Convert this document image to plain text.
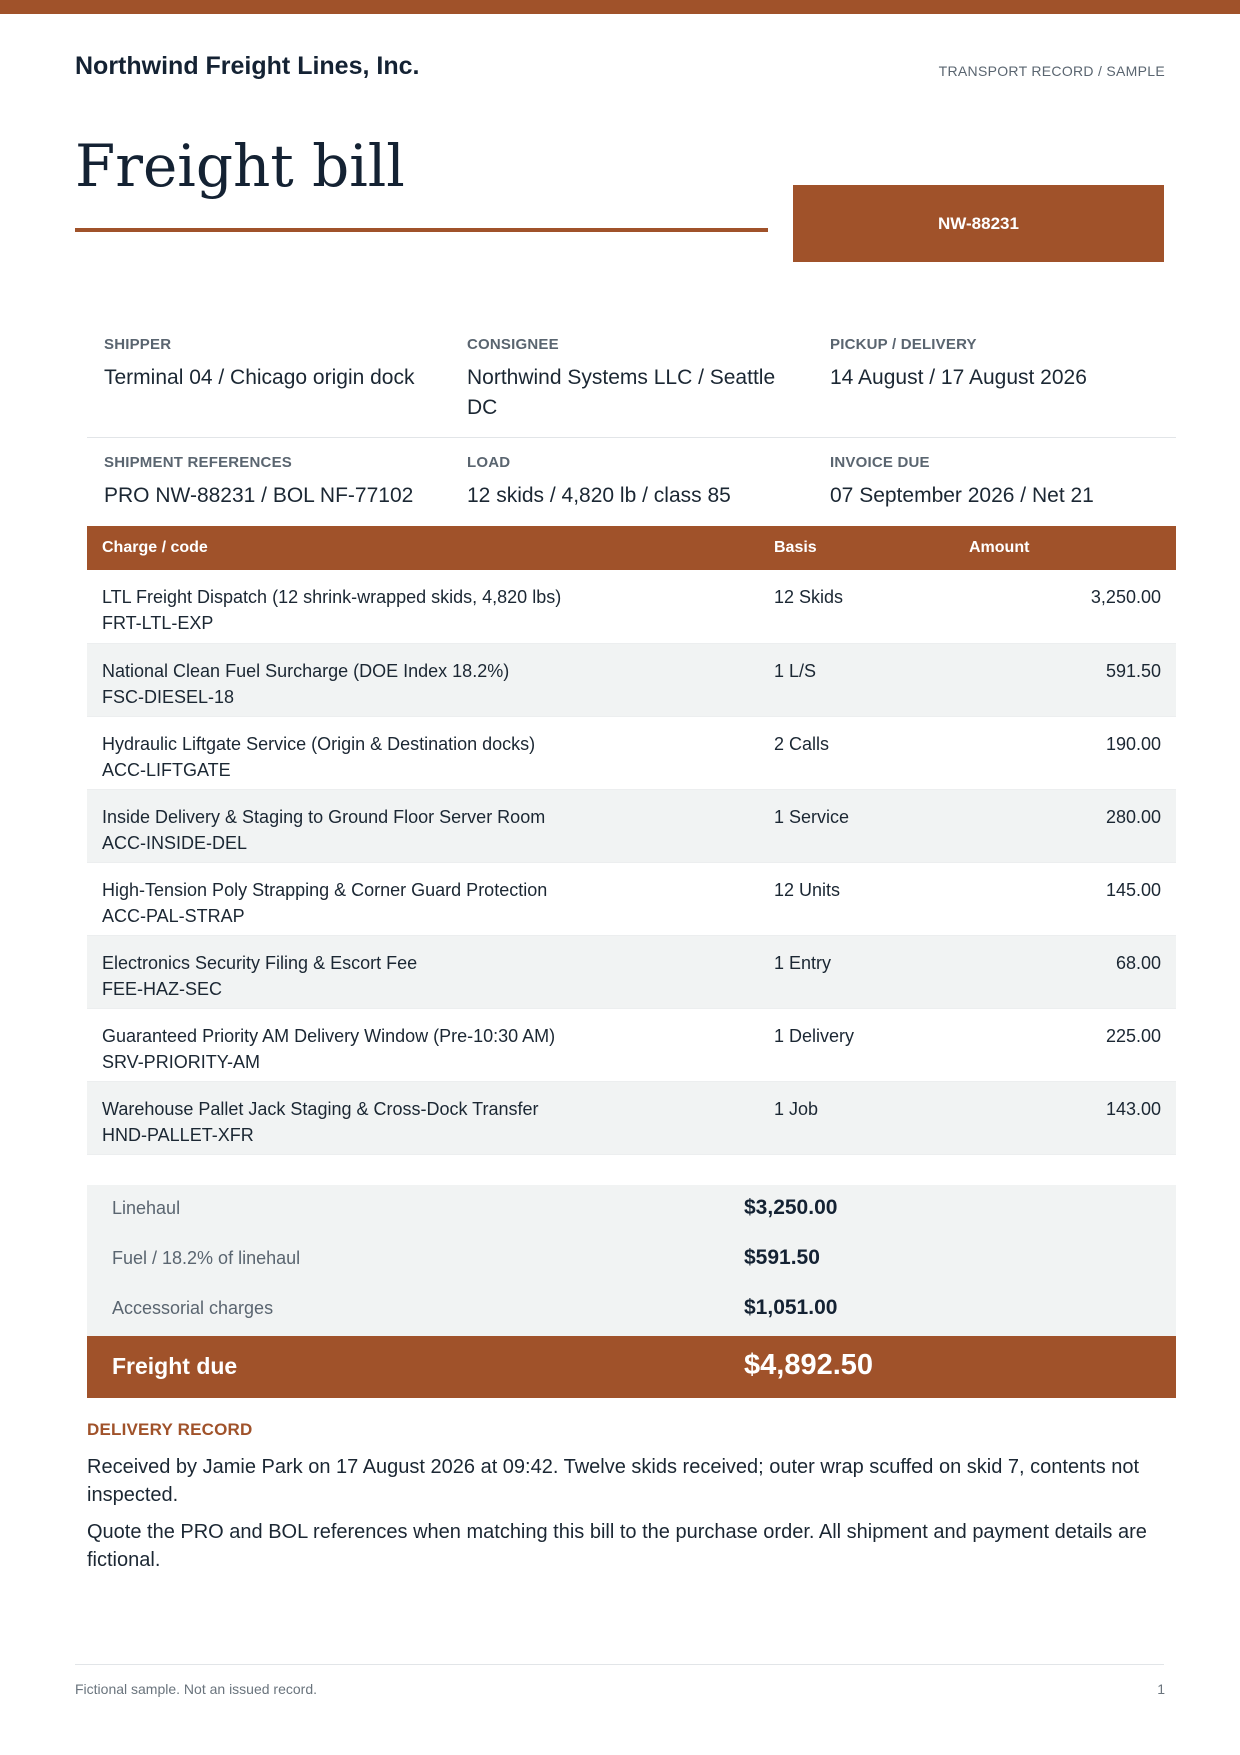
Northwind Freight Lines, Inc.	TRANSPORT RECORD / SAMPLE
Freight bill
NW-88231
SHIPPER
Terminal 04 / Chicago origin dock
CONSIGNEE
Northwind Systems LLC / Seattle DC
PICKUP / DELIVERY
14 August / 17 August 2026
SHIPMENT REFERENCES
PRO NW-88231 / BOL NF-77102
LOAD
12 skids / 4,820 lb / class 85
INVOICE DUE
07 September 2026 / Net 21
Charge / code	Basis	Amount
LTL Freight Dispatch (12 shrink-wrapped skids, 4,820 lbs)
FRT-LTL-EXP	12 Skids	3,250.00
National Clean Fuel Surcharge (DOE Index 18.2%)
FSC-DIESEL-18	1 L/S	591.50
Hydraulic Liftgate Service (Origin & Destination docks)
ACC-LIFTGATE	2 Calls	190.00
Inside Delivery & Staging to Ground Floor Server Room
ACC-INSIDE-DEL	1 Service	280.00
High-Tension Poly Strapping & Corner Guard Protection
ACC-PAL-STRAP	12 Units	145.00
Electronics Security Filing & Escort Fee
FEE-HAZ-SEC	1 Entry	68.00
Guaranteed Priority AM Delivery Window (Pre-10:30 AM)
SRV-PRIORITY-AM	1 Delivery	225.00
Warehouse Pallet Jack Staging & Cross-Dock Transfer
HND-PALLET-XFR	1 Job	143.00
Linehaul	$3,250.00
Fuel / 18.2% of linehaul	$591.50
Accessorial charges	$1,051.00
Freight due	$4,892.50
DELIVERY RECORD
Received by Jamie Park on 17 August 2026 at 09:42. Twelve skids received; outer wrap scuffed on skid 7, contents not inspected.
Quote the PRO and BOL references when matching this bill to the purchase order. All shipment and payment details are fictional.
Fictional sample. Not an issued record.	1
